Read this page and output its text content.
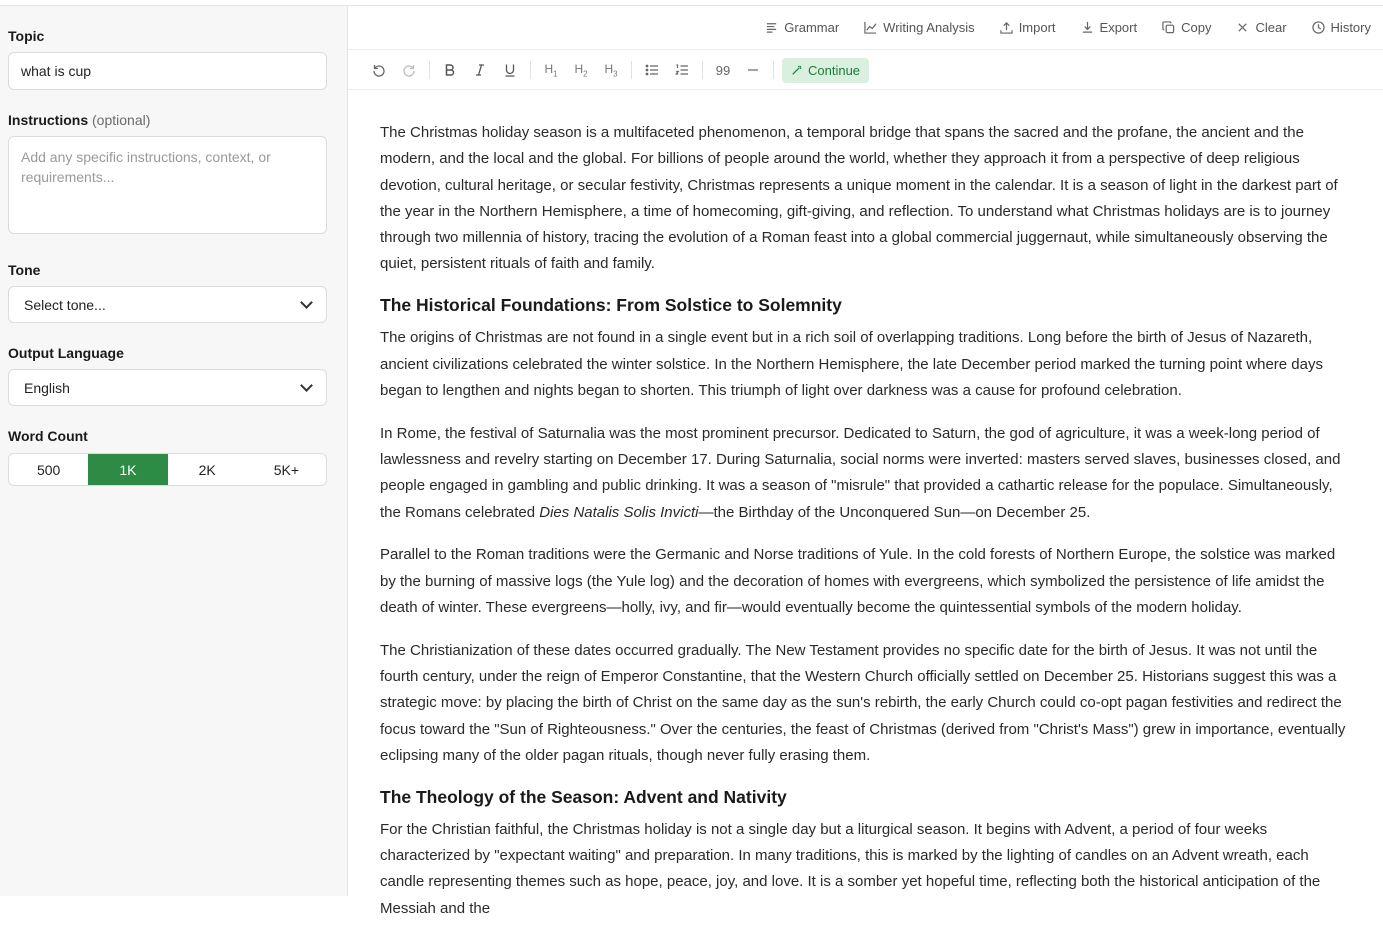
Topic
what is cup
Instructions (optional)
Add any specific instructions, context, or requirements...
Tone
Select tone...
Output Language
English
Word Count
500	1K	2K	5K+
Grammar	Writing Analysis	Import	Export	Copy	Clear	History
$H_1$ $H_2$ $H_3$	99	Continue

The Christmas holiday season is a multifaceted phenomenon, a temporal bridge that spans the sacred and the profane, the ancient and the modern, and the local and the global. For billions of people around the world, whether they approach it from a perspective of deep religious devotion, cultural heritage, or secular festivity, Christmas represents a unique moment in the calendar. It is a season of light in the darkest part of the year in the Northern Hemisphere, a time of homecoming, gift-giving, and reflection. To understand what Christmas holidays are is to journey through two millennia of history, tracing the evolution of a Roman feast into a global commercial juggernaut, while simultaneously observing the quiet, persistent rituals of faith and family.

The Historical Foundations: From Solstice to Solemnity

The origins of Christmas are not found in a single event but in a rich soil of overlapping traditions. Long before the birth of Jesus of Nazareth, ancient civilizations celebrated the winter solstice. In the Northern Hemisphere, the late December period marked the turning point where days began to lengthen and nights began to shorten. This triumph of light over darkness was a cause for profound celebration.

In Rome, the festival of Saturnalia was the most prominent precursor. Dedicated to Saturn, the god of agriculture, it was a week-long period of lawlessness and revelry starting on December 17. During Saturnalia, social norms were inverted: masters served slaves, businesses closed, and people engaged in gambling and public drinking. It was a season of "misrule" that provided a cathartic release for the populace. Simultaneously, the Romans celebrated Dies Natalis Solis Invicti—the Birthday of the Unconquered Sun—on December 25.

Parallel to the Roman traditions were the Germanic and Norse traditions of Yule. In the cold forests of Northern Europe, the solstice was marked by the burning of massive logs (the Yule log) and the decoration of homes with evergreens, which symbolized the persistence of life amidst the death of winter. These evergreens—holly, ivy, and fir—would eventually become the quintessential symbols of the modern holiday.

The Christianization of these dates occurred gradually. The New Testament provides no specific date for the birth of Jesus. It was not until the fourth century, under the reign of Emperor Constantine, that the Western Church officially settled on December 25. Historians suggest this was a strategic move: by placing the birth of Christ on the same day as the sun's rebirth, the early Church could co-opt pagan festivities and redirect the focus toward the "Sun of Righteousness." Over the centuries, the feast of Christmas (derived from "Christ's Mass") grew in importance, eventually eclipsing many of the older pagan rituals, though never fully erasing them.

The Theology of the Season: Advent and Nativity

For the Christian faithful, the Christmas holiday is not a single day but a liturgical season. It begins with Advent, a period of four weeks characterized by "expectant waiting" and preparation. In many traditions, this is marked by the lighting of candles on an Advent wreath, each candle representing themes such as hope, peace, joy, and love. It is a somber yet hopeful time, reflecting both the historical anticipation of the Messiah and the
